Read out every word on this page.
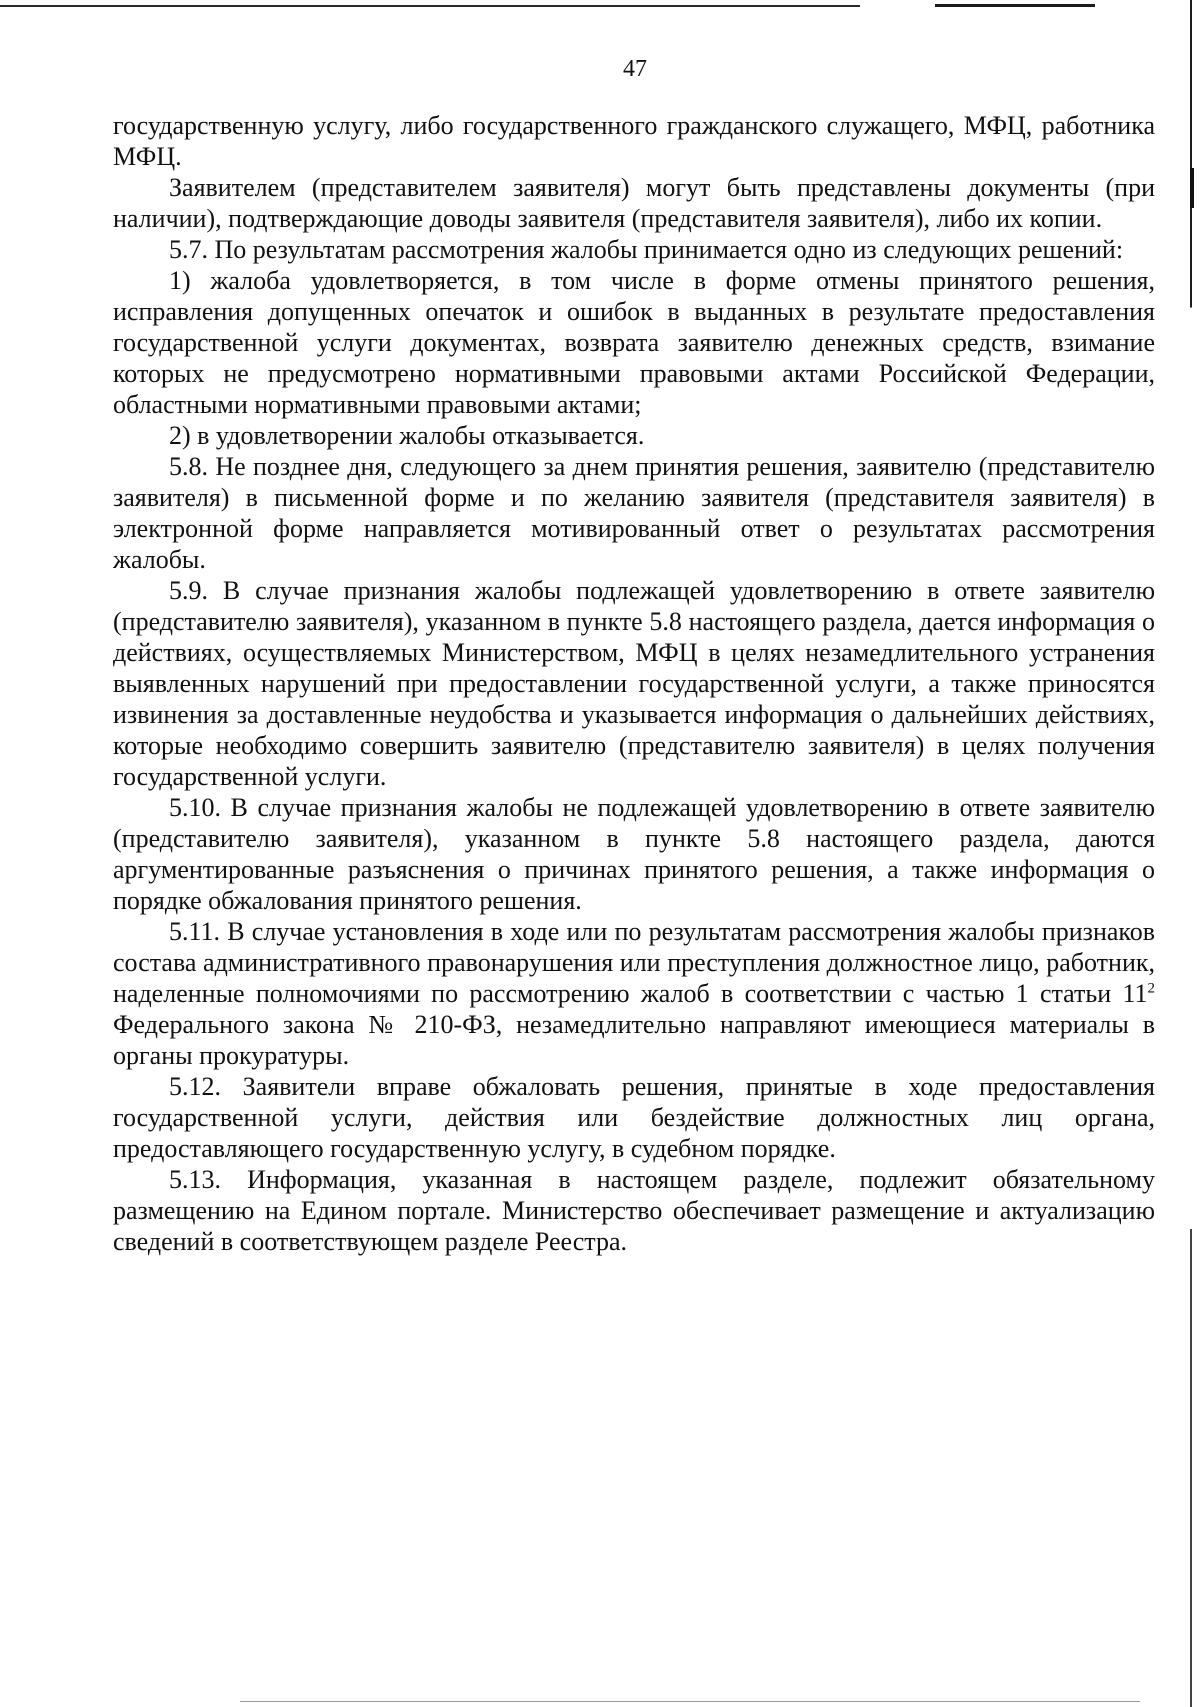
47

государственную услугу, либо государственного гражданского служащего, МФЦ, работника МФЦ.

Заявителем (представителем заявителя) могут быть представлены документы (при наличии), подтверждающие доводы заявителя (представителя заявителя), либо их копии.

5.7. По результатам рассмотрения жалобы принимается одно из следующих решений:

1) жалоба удовлетворяется, в том числе в форме отмены принятого решения, исправления допущенных опечаток и ошибок в выданных в результате предоставления государственной услуги документах, возврата заявителю денежных средств, взимание которых не предусмотрено нормативными правовыми актами Российской Федерации, областными нормативными правовыми актами;

2) в удовлетворении жалобы отказывается.

5.8. Не позднее дня, следующего за днем принятия решения, заявителю (представителю заявителя) в письменной форме и по желанию заявителя (представителя заявителя) в электронной форме направляется мотивированный ответ о результатах рассмотрения жалобы.

5.9. В случае признания жалобы подлежащей удовлетворению в ответе заявителю (представителю заявителя), указанном в пункте 5.8 настоящего раздела, дается информация о действиях, осуществляемых Министерством, МФЦ в целях незамедлительного устранения выявленных нарушений при предоставлении государственной услуги, а также приносятся извинения за доставленные неудобства и указывается информация о дальнейших действиях, которые необходимо совершить заявителю (представителю заявителя) в целях получения государственной услуги.

5.10. В случае признания жалобы не подлежащей удовлетворению в ответе заявителю (представителю заявителя), указанном в пункте 5.8 настоящего раздела, даются аргументированные разъяснения о причинах принятого решения, а также информация о порядке обжалования принятого решения.

5.11. В случае установления в ходе или по результатам рассмотрения жалобы признаков состава административного правонарушения или преступления должностное лицо, работник, наделенные полномочиями по рассмотрению жалоб в соответствии с частью 1 статьи $11^2$ Федерального закона № 210-ФЗ, незамедлительно направляют имеющиеся материалы в органы прокуратуры.

5.12. Заявители вправе обжаловать решения, принятые в ходе предоставления государственной услуги, действия или бездействие должностных лиц органа, предоставляющего государственную услугу, в судебном порядке.

5.13. Информация, указанная в настоящем разделе, подлежит обязательному размещению на Едином портале. Министерство обеспечивает размещение и актуализацию сведений в соответствующем разделе Реестра.
